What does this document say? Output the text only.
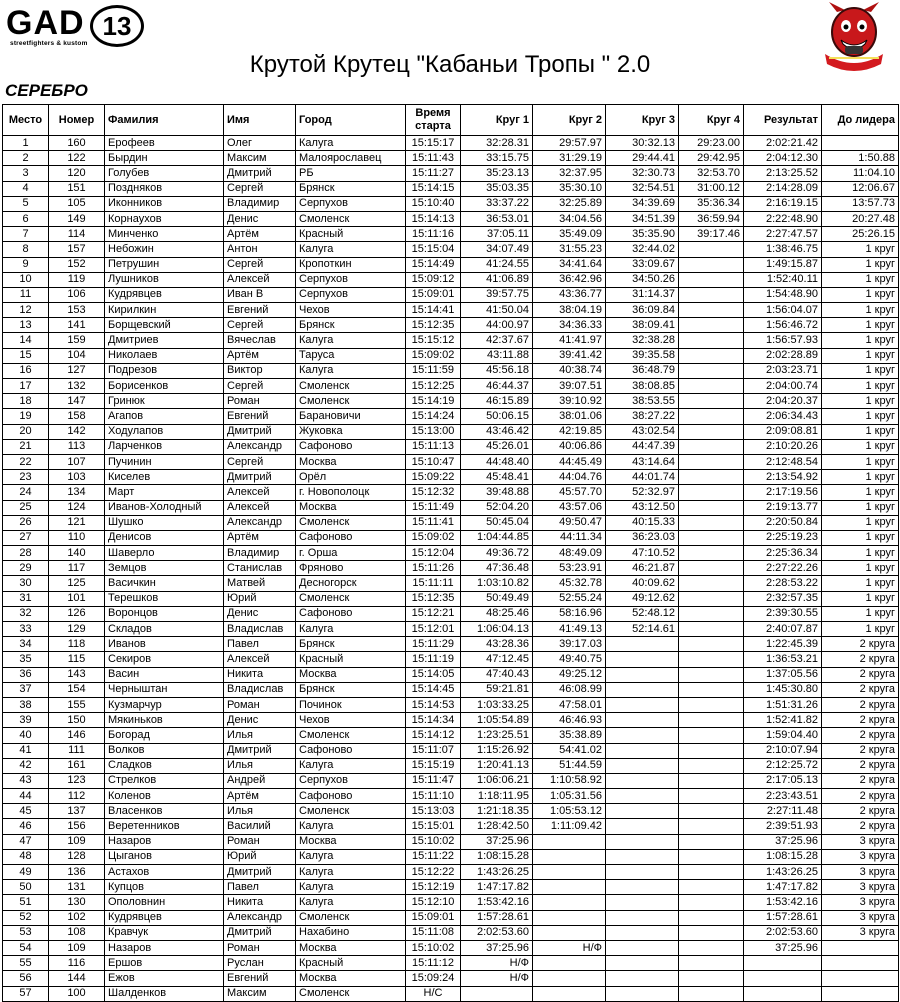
GAD 13
streetfighters & kustom
Крутой Крутец "Кабаньи Тропы " 2.0
СЕРЕБРО
Место	Номер	Фамилия	Имя	Город	Время старта	Круг 1	Круг 2	Круг 3	Круг 4	Результат	До лидера
1	160	Ерофеев	Олег	Калуга	15:15:17	32:28.31	29:57.97	30:32.13	29:23.00	2:02:21.42	
2	122	Бырдин	Максим	Малоярославец	15:11:43	33:15.75	31:29.19	29:44.41	29:42.95	2:04:12.30	1:50.88
3	120	Голубев	Дмитрий	РБ	15:11:27	35:23.13	32:37.95	32:30.73	32:53.70	2:13:25.52	11:04.10
4	151	Поздняков	Сергей	Брянск	15:14:15	35:03.35	35:30.10	32:54.51	31:00.12	2:14:28.09	12:06.67
5	105	Иконников	Владимир	Серпухов	15:10:40	33:37.22	32:25.89	34:39.69	35:36.34	2:16:19.15	13:57.73
6	149	Корнаухов	Денис	Смоленск	15:14:13	36:53.01	34:04.56	34:51.39	36:59.94	2:22:48.90	20:27.48
7	114	Минченко	Артём	Красный	15:11:16	37:05.11	35:49.09	35:35.90	39:17.46	2:27:47.57	25:26.15
8	157	Небожин	Антон	Калуга	15:15:04	34:07.49	31:55.23	32:44.02		1:38:46.75	1 круг
9	152	Петрушин	Сергей	Кропоткин	15:14:49	41:24.55	34:41.64	33:09.67		1:49:15.87	1 круг
10	119	Лушников	Алексей	Серпухов	15:09:12	41:06.89	36:42.96	34:50.26		1:52:40.11	1 круг
11	106	Кудрявцев	Иван В	Серпухов	15:09:01	39:57.75	43:36.77	31:14.37		1:54:48.90	1 круг
12	153	Кирилкин	Евгений	Чехов	15:14:41	41:50.04	38:04.19	36:09.84		1:56:04.07	1 круг
13	141	Борщевский	Сергей	Брянск	15:12:35	44:00.97	34:36.33	38:09.41		1:56:46.72	1 круг
14	159	Дмитриев	Вячеслав	Калуга	15:15:12	42:37.67	41:41.97	32:38.28		1:56:57.93	1 круг
15	104	Николаев	Артём	Таруса	15:09:02	43:11.88	39:41.42	39:35.58		2:02:28.89	1 круг
16	127	Подрезов	Виктор	Калуга	15:11:59	45:56.18	40:38.74	36:48.79		2:03:23.71	1 круг
17	132	Борисенков	Сергей	Смоленск	15:12:25	46:44.37	39:07.51	38:08.85		2:04:00.74	1 круг
18	147	Гринюк	Роман	Смоленск	15:14:19	46:15.89	39:10.92	38:53.55		2:04:20.37	1 круг
19	158	Агапов	Евгений	Барановичи	15:14:24	50:06.15	38:01.06	38:27.22		2:06:34.43	1 круг
20	142	Ходулапов	Дмитрий	Жуковка	15:13:00	43:46.42	42:19.85	43:02.54		2:09:08.81	1 круг
21	113	Ларченков	Александр	Сафоново	15:11:13	45:26.01	40:06.86	44:47.39		2:10:20.26	1 круг
22	107	Пучинин	Сергей	Москва	15:10:47	44:48.40	44:45.49	43:14.64		2:12:48.54	1 круг
23	103	Киселев	Дмитрий	Орёл	15:09:22	45:48.41	44:04.76	44:01.74		2:13:54.92	1 круг
24	134	Март	Алексей	г. Новополоцк	15:12:32	39:48.88	45:57.70	52:32.97		2:17:19.56	1 круг
25	124	Иванов-Холодный	Алексей	Москва	15:11:49	52:04.20	43:57.06	43:12.50		2:19:13.77	1 круг
26	121	Шушко	Александр	Смоленск	15:11:41	50:45.04	49:50.47	40:15.33		2:20:50.84	1 круг
27	110	Денисов	Артём	Сафоново	15:09:02	1:04:44.85	44:11.34	36:23.03		2:25:19.23	1 круг
28	140	Шаверло	Владимир	г. Орша	15:12:04	49:36.72	48:49.09	47:10.52		2:25:36.34	1 круг
29	117	Земцов	Станислав	Фряново	15:11:26	47:36.48	53:23.91	46:21.87		2:27:22.26	1 круг
30	125	Васичкин	Матвей	Десногорск	15:11:11	1:03:10.82	45:32.78	40:09.62		2:28:53.22	1 круг
31	101	Терешков	Юрий	Смоленск	15:12:35	50:49.49	52:55.24	49:12.62		2:32:57.35	1 круг
32	126	Воронцов	Денис	Сафоново	15:12:21	48:25.46	58:16.96	52:48.12		2:39:30.55	1 круг
33	129	Складов	Владислав	Калуга	15:12:01	1:06:04.13	41:49.13	52:14.61		2:40:07.87	1 круг
34	118	Иванов	Павел	Брянск	15:11:29	43:28.36	39:17.03			1:22:45.39	2 круга
35	115	Секиров	Алексей	Красный	15:11:19	47:12.45	49:40.75			1:36:53.21	2 круга
36	143	Васин	Никита	Москва	15:14:05	47:40.43	49:25.12			1:37:05.56	2 круга
37	154	Черныштан	Владислав	Брянск	15:14:45	59:21.81	46:08.99			1:45:30.80	2 круга
38	155	Кузмарчур	Роман	Починок	15:14:53	1:03:33.25	47:58.01			1:51:31.26	2 круга
39	150	Мякиньков	Денис	Чехов	15:14:34	1:05:54.89	46:46.93			1:52:41.82	2 круга
40	146	Богорад	Илья	Смоленск	15:14:12	1:23:25.51	35:38.89			1:59:04.40	2 круга
41	111	Волков	Дмитрий	Сафоново	15:11:07	1:15:26.92	54:41.02			2:10:07.94	2 круга
42	161	Сладков	Илья	Калуга	15:15:19	1:20:41.13	51:44.59			2:12:25.72	2 круга
43	123	Стрелков	Андрей	Серпухов	15:11:47	1:06:06.21	1:10:58.92			2:17:05.13	2 круга
44	112	Коленов	Артём	Сафоново	15:11:10	1:18:11.95	1:05:31.56			2:23:43.51	2 круга
45	137	Власенков	Илья	Смоленск	15:13:03	1:21:18.35	1:05:53.12			2:27:11.48	2 круга
46	156	Веретенников	Василий	Калуга	15:15:01	1:28:42.50	1:11:09.42			2:39:51.93	2 круга
47	109	Назаров	Роман	Москва	15:10:02	37:25.96				37:25.96	3 круга
48	128	Цыганов	Юрий	Калуга	15:11:22	1:08:15.28				1:08:15.28	3 круга
49	136	Астахов	Дмитрий	Калуга	15:12:22	1:43:26.25				1:43:26.25	3 круга
50	131	Купцов	Павел	Калуга	15:12:19	1:47:17.82				1:47:17.82	3 круга
51	130	Ополовнин	Никита	Калуга	15:12:10	1:53:42.16				1:53:42.16	3 круга
52	102	Кудрявцев	Александр	Смоленск	15:09:01	1:57:28.61				1:57:28.61	3 круга
53	108	Кравчук	Дмитрий	Нахабино	15:11:08	2:02:53.60				2:02:53.60	3 круга
54	109	Назаров	Роман	Москва	15:10:02	37:25.96	Н/Ф			37:25.96	
55	116	Ершов	Руслан	Красный	15:11:12	Н/Ф					
56	144	Ежов	Евгений	Москва	15:09:24	Н/Ф					
57	100	Шалденков	Максим	Смоленск	Н/С						
